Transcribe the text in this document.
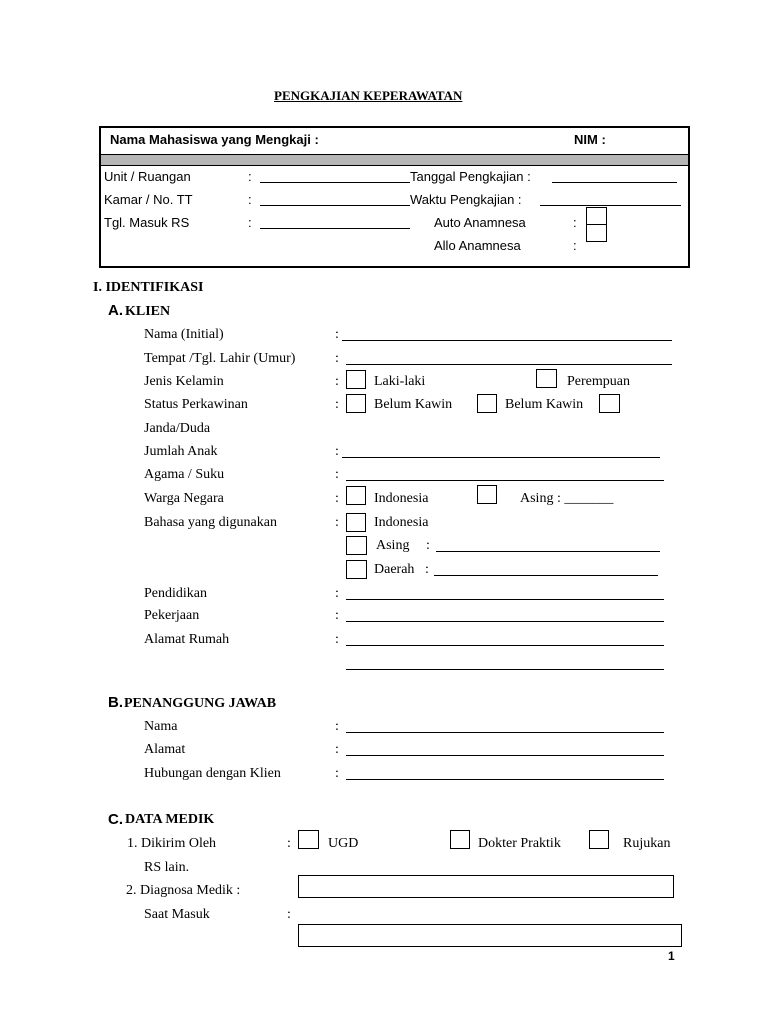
PENGKAJIAN KEPERAWATAN
Nama Mahasiswa yang Mengkaji :	NIM :
Unit / Ruangan	:	Tanggal Pengkajian :
Kamar / No. TT	:	Waktu Pengkajian :
Tgl. Masuk RS	:	Auto Anamnesa	:
Allo Anamnesa	:
I. IDENTIFIKASI
A. KLIEN
Nama (Initial)	:
Tempat /Tgl. Lahir (Umur)	:
Jenis Kelamin	:	Laki-laki	Perempuan
Status Perkawinan	:	Belum Kawin	Belum Kawin
Janda/Duda
Jumlah Anak	:
Agama / Suku	:
Warga Negara	:	Indonesia	Asing : _______
Bahasa yang digunakan	:	Indonesia
Asing :
Daerah :
Pendidikan	:
Pekerjaan	:
Alamat Rumah	:
B. PENANGGUNG JAWAB
Nama	:
Alamat	:
Hubungan dengan Klien	:
C. DATA MEDIK
1. Dikirim Oleh	:	UGD	Dokter Praktik	Rujukan
RS lain.
2. Diagnosa Medik :
Saat Masuk	:
1
